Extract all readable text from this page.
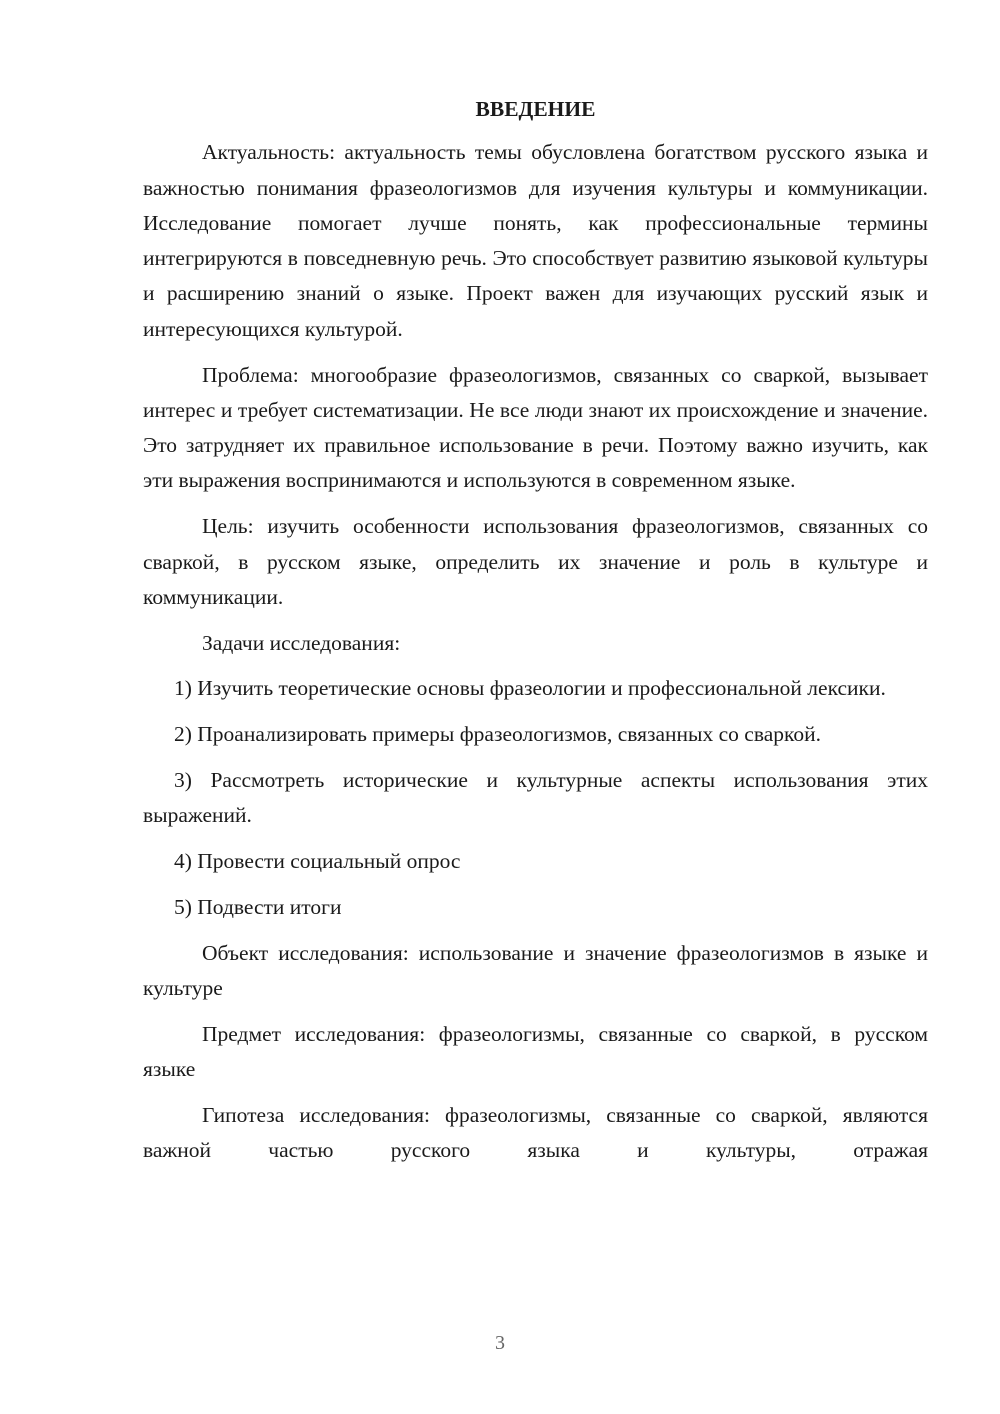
ВВЕДЕНИЕ

Актуальность: актуальность темы обусловлена богатством русского языка и важностью понимания фразеологизмов для изучения культуры и коммуникации. Исследование помогает лучше понять, как профессиональные термины интегрируются в повседневную речь. Это способствует развитию языковой культуры и расширению знаний о языке. Проект важен для изучающих русский язык и интересующихся культурой.

Проблема: многообразие фразеологизмов, связанных со сваркой, вызывает интерес и требует систематизации. Не все люди знают их происхождение и значение. Это затрудняет их правильное использование в речи. Поэтому важно изучить, как эти выражения воспринимаются и используются в современном языке.

Цель: изучить особенности использования фразеологизмов, связанных со сваркой, в русском языке, определить их значение и роль в культуре и коммуникации.

Задачи исследования:

1) Изучить теоретические основы фразеологии и профессиональной лексики.

2) Проанализировать примеры фразеологизмов, связанных со сваркой.

3) Рассмотреть исторические и культурные аспекты использования этих выражений.

4) Провести социальный опрос

5) Подвести итоги

Объект исследования: использование и значение фразеологизмов в языке и культуре

Предмет исследования: фразеологизмы, связанные со сваркой, в русском языке

Гипотеза исследования: фразеологизмы, связанные со сваркой, являются важной частью русского языка и культуры, отражая

3
